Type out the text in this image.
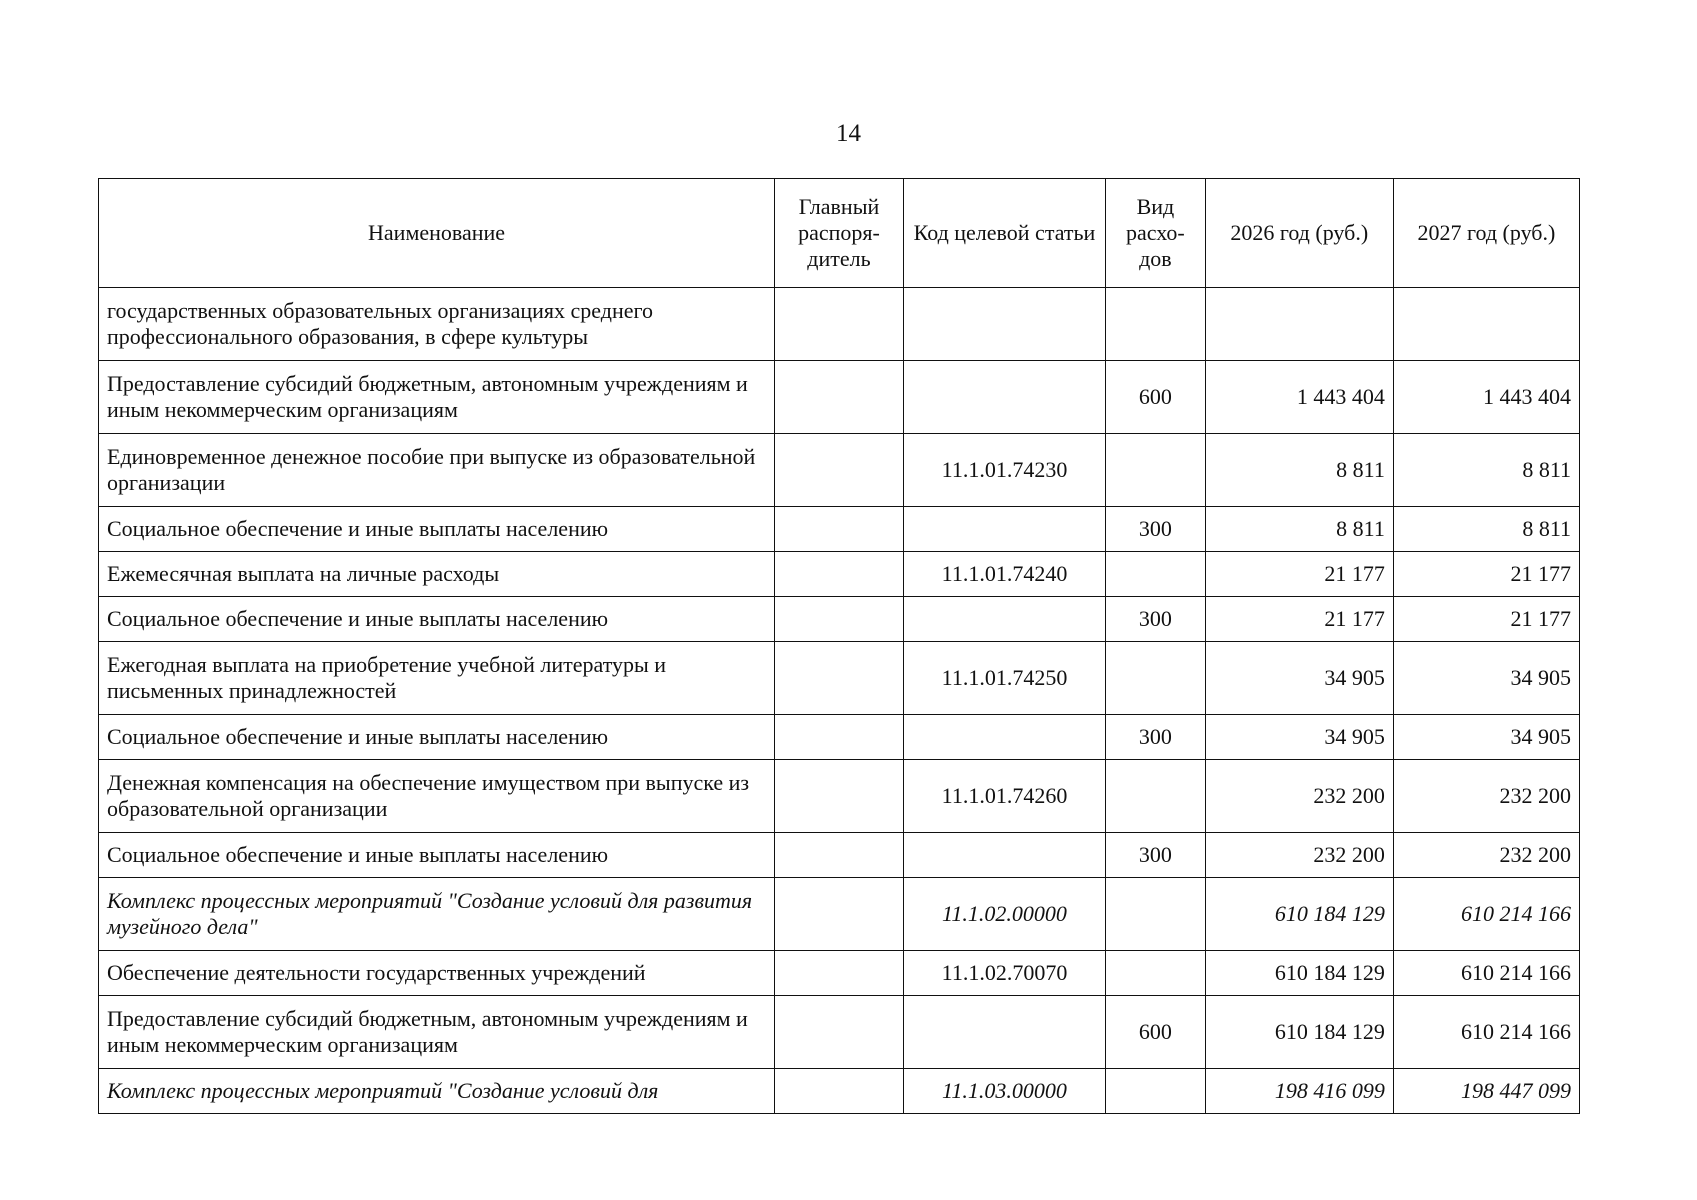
14
Наименование	Главный распоря-дитель	Код целевой статьи	Вид расхо-дов	2026 год (руб.)	2027 год (руб.)
государственных образовательных организациях среднего профессионального образования, в сфере культуры					
Предоставление субсидий бюджетным, автономным учреждениям и иным некоммерческим организациям			600	1 443 404	1 443 404
Единовременное денежное пособие при выпуске из образовательной организации		11.1.01.74230		8 811	8 811
Социальное обеспечение и иные выплаты населению			300	8 811	8 811
Ежемесячная выплата на личные расходы		11.1.01.74240		21 177	21 177
Социальное обеспечение и иные выплаты населению			300	21 177	21 177
Ежегодная выплата на приобретение учебной литературы и письменных принадлежностей		11.1.01.74250		34 905	34 905
Социальное обеспечение и иные выплаты населению			300	34 905	34 905
Денежная компенсация на обеспечение имуществом при выпуске из образовательной организации		11.1.01.74260		232 200	232 200
Социальное обеспечение и иные выплаты населению			300	232 200	232 200
Комплекс процессных мероприятий "Создание условий для развития музейного дела"		11.1.02.00000		610 184 129	610 214 166
Обеспечение деятельности государственных учреждений		11.1.02.70070		610 184 129	610 214 166
Предоставление субсидий бюджетным, автономным учреждениям и иным некоммерческим организациям			600	610 184 129	610 214 166
Комплекс процессных мероприятий "Создание условий для		11.1.03.00000		198 416 099	198 447 099
